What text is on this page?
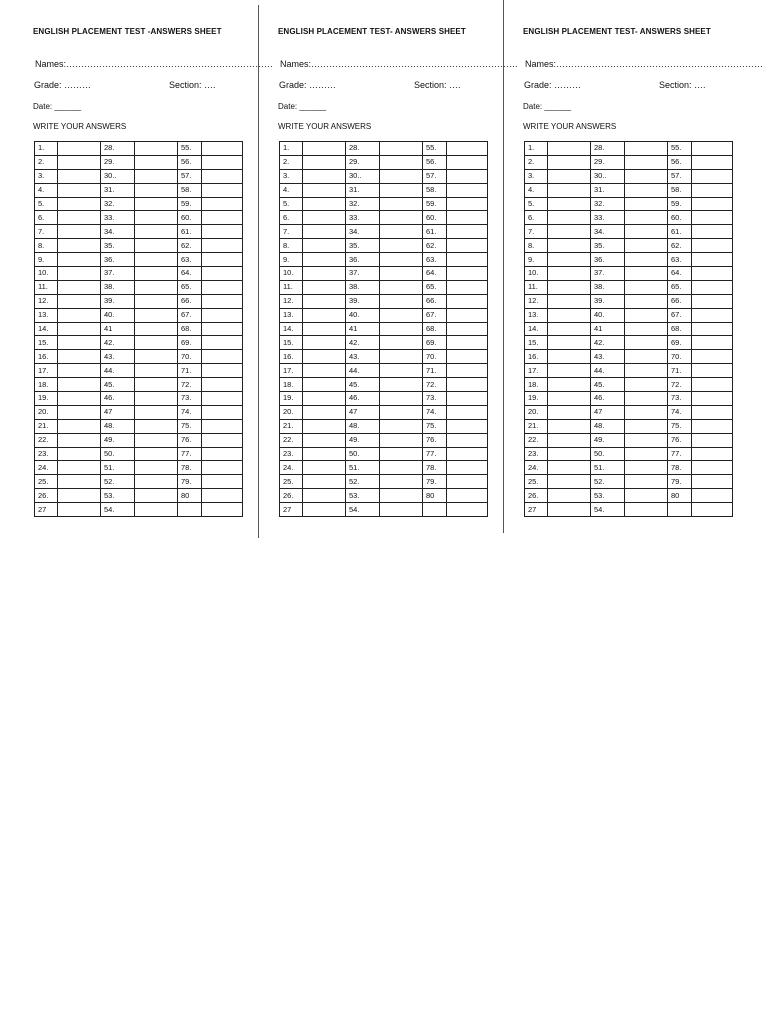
ENGLISH PLACEMENT TEST -ANSWERS SHEET
Names:……………………………………………………………
Grade: ………	Section: ….
Date: ______
WRITE YOUR ANSWERS
1.		28.		55.	
2.		29.		56.	
3.		30..		57.	
4.		31.		58.	
5.		32.		59.	
6.		33.		60.	
7.		34.		61.	
8.		35.		62.	
9.		36.		63.	
10.		37.		64.	
11.		38.		65.	
12.		39.		66.	
13.		40.		67.	
14.		41		68.	
15.		42.		69.	
16.		43.		70.	
17.		44.		71.	
18.		45.		72.	
19.		46.		73.	
20.		47		74.	
21.		48.		75.	
22.		49.		76.	
23.		50.		77.	
24.		51.		78.	
25.		52.		79.	
26.		53.		80	
27		54.			
ENGLISH PLACEMENT TEST- ANSWERS SHEET
Names:……………………………………………………………
Grade: ………	Section: ….
Date: ______
WRITE YOUR ANSWERS
1.		28.		55.	
2.		29.		56.	
3.		30..		57.	
4.		31.		58.	
5.		32.		59.	
6.		33.		60.	
7.		34.		61.	
8.		35.		62.	
9.		36.		63.	
10.		37.		64.	
11.		38.		65.	
12.		39.		66.	
13.		40.		67.	
14.		41		68.	
15.		42.		69.	
16.		43.		70.	
17.		44.		71.	
18.		45.		72.	
19.		46.		73.	
20.		47		74.	
21.		48.		75.	
22.		49.		76.	
23.		50.		77.	
24.		51.		78.	
25.		52.		79.	
26.		53.		80	
27		54.			
ENGLISH PLACEMENT TEST- ANSWERS SHEET
Names:……………………………………………………………
Grade: ………	Section: ….
Date: ______
WRITE YOUR ANSWERS
1.		28.		55.	
2.		29.		56.	
3.		30..		57.	
4.		31.		58.	
5.		32.		59.	
6.		33.		60.	
7.		34.		61.	
8.		35.		62.	
9.		36.		63.	
10.		37.		64.	
11.		38.		65.	
12.		39.		66.	
13.		40.		67.	
14.		41		68.	
15.		42.		69.	
16.		43.		70.	
17.		44.		71.	
18.		45.		72.	
19.		46.		73.	
20.		47		74.	
21.		48.		75.	
22.		49.		76.	
23.		50.		77.	
24.		51.		78.	
25.		52.		79.	
26.		53.		80	
27		54.			
